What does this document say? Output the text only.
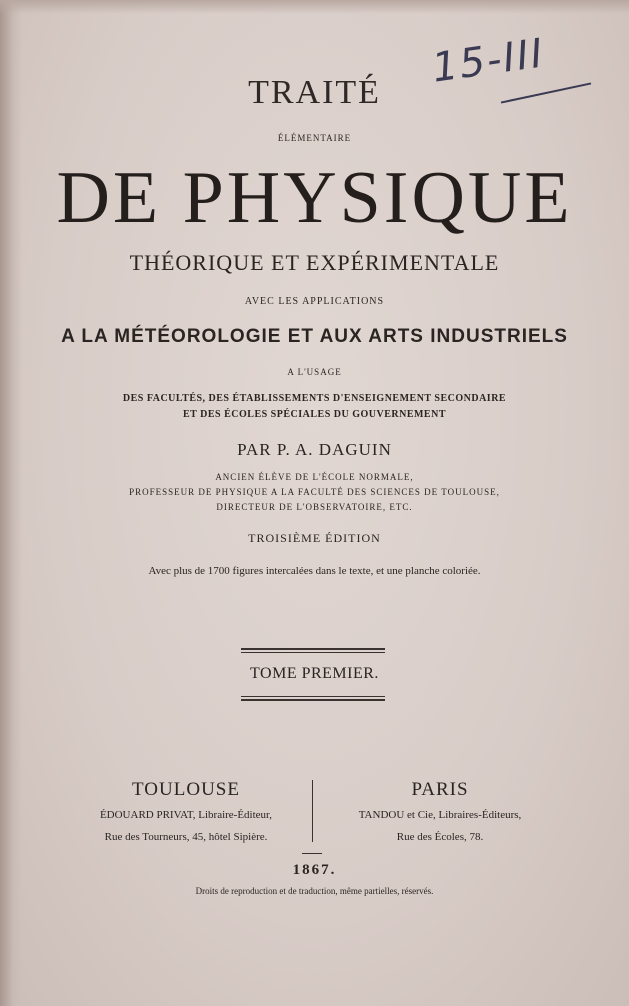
15-III
TRAITÉ
ÉLÉMENTAIRE
DE PHYSIQUE
THÉORIQUE ET EXPÉRIMENTALE
AVEC LES APPLICATIONS
A LA MÉTÉOROLOGIE ET AUX ARTS INDUSTRIELS
A L'USAGE
DES FACULTÉS, DES ÉTABLISSEMENTS D'ENSEIGNEMENT SECONDAIRE
ET DES ÉCOLES SPÉCIALES DU GOUVERNEMENT
PAR P. A. DAGUIN
ANCIEN ÉLÈVE DE L'ÉCOLE NORMALE,
PROFESSEUR DE PHYSIQUE A LA FACULTÉ DES SCIENCES DE TOULOUSE,
DIRECTEUR DE L'OBSERVATOIRE, ETC.
TROISIÈME ÉDITION
Avec plus de 1700 figures intercalées dans le texte, et une planche coloriée.
TOME PREMIER.
TOULOUSE
ÉDOUARD PRIVAT, Libraire-Éditeur,
Rue des Tourneurs, 45, hôtel Sipière.
PARIS
TANDOU et Cie, Libraires-Éditeurs,
Rue des Écoles, 78.
1867.
Droits de reproduction et de traduction, même partielles, réservés.
